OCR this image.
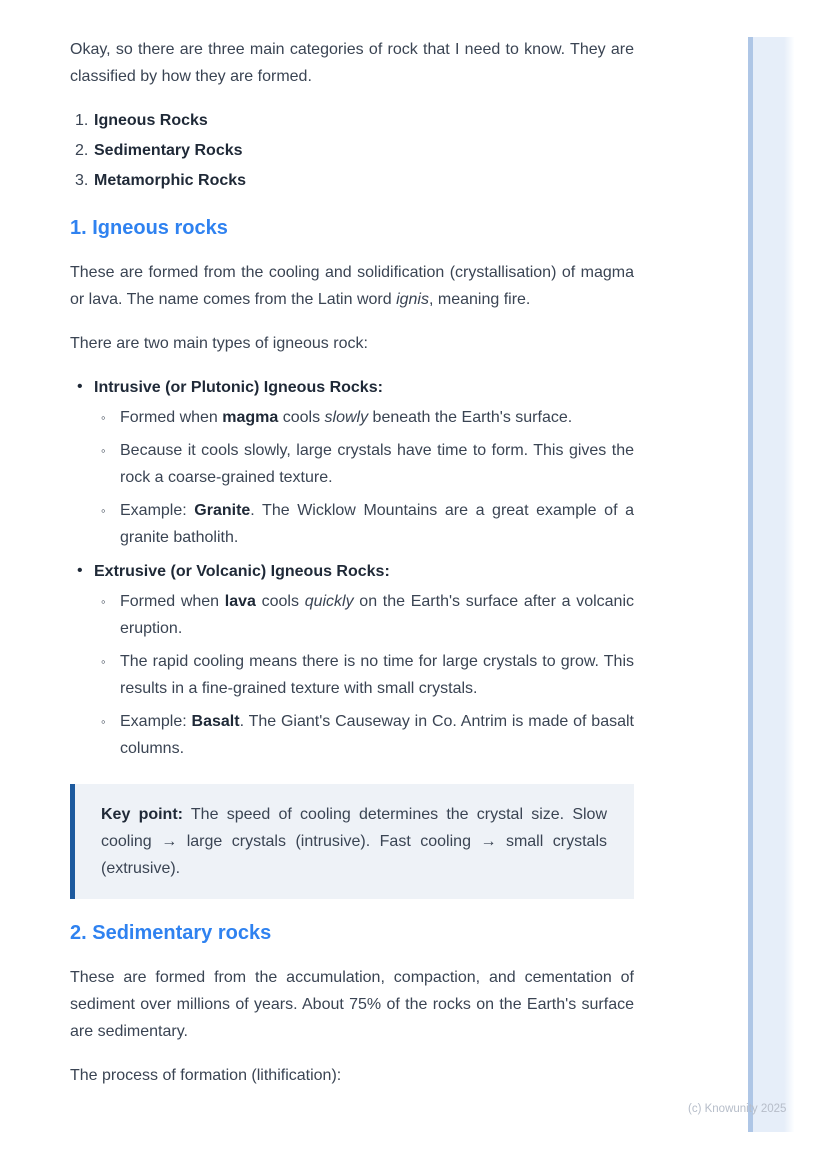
Okay, so there are three main categories of rock that I need to know. They are classified by how they are formed.

1. Igneous Rocks
2. Sedimentary Rocks
3. Metamorphic Rocks
1. Igneous rocks

These are formed from the cooling and solidification (crystallisation) of magma or lava. The name comes from the Latin word ignis, meaning fire.

There are two main types of igneous rock:

• Intrusive (or Plutonic) Igneous Rocks:
◦ Formed when magma cools slowly beneath the Earth's surface.
◦ Because it cools slowly, large crystals have time to form. This gives the rock a coarse-grained texture.
◦ Example: Granite. The Wicklow Mountains are a great example of a granite batholith.
• Extrusive (or Volcanic) Igneous Rocks:
◦ Formed when lava cools quickly on the Earth's surface after a volcanic eruption.
◦ The rapid cooling means there is no time for large crystals to grow. This results in a fine-grained texture with small crystals.
◦ Example: Basalt. The Giant's Causeway in Co. Antrim is made of basalt columns.

Key point: The speed of cooling determines the crystal size. Slow cooling → large crystals (intrusive). Fast cooling → small crystals (extrusive).

2. Sedimentary rocks

These are formed from the accumulation, compaction, and cementation of sediment over millions of years. About 75% of the rocks on the Earth's surface are sedimentary.

The process of formation (lithification):

(c) Knowunity 2025
